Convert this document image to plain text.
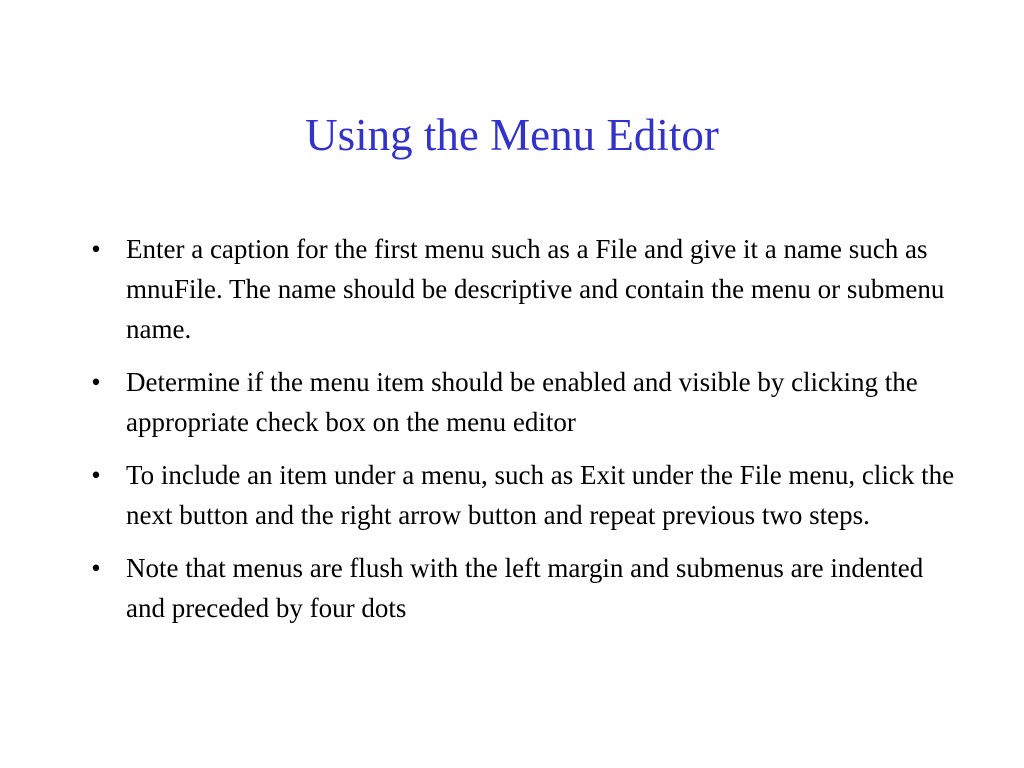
Using the Menu Editor
• Enter a caption for the first menu such as a File and give it a name such as mnuFile. The name should be descriptive and contain the menu or submenu name.
• Determine if the menu item should be enabled and visible by clicking the appropriate check box on the menu editor
• To include an item under a menu, such as Exit under the File menu, click the next button and the right arrow button and repeat previous two steps.
• Note that menus are flush with the left margin and submenus are indented and preceded by four dots
